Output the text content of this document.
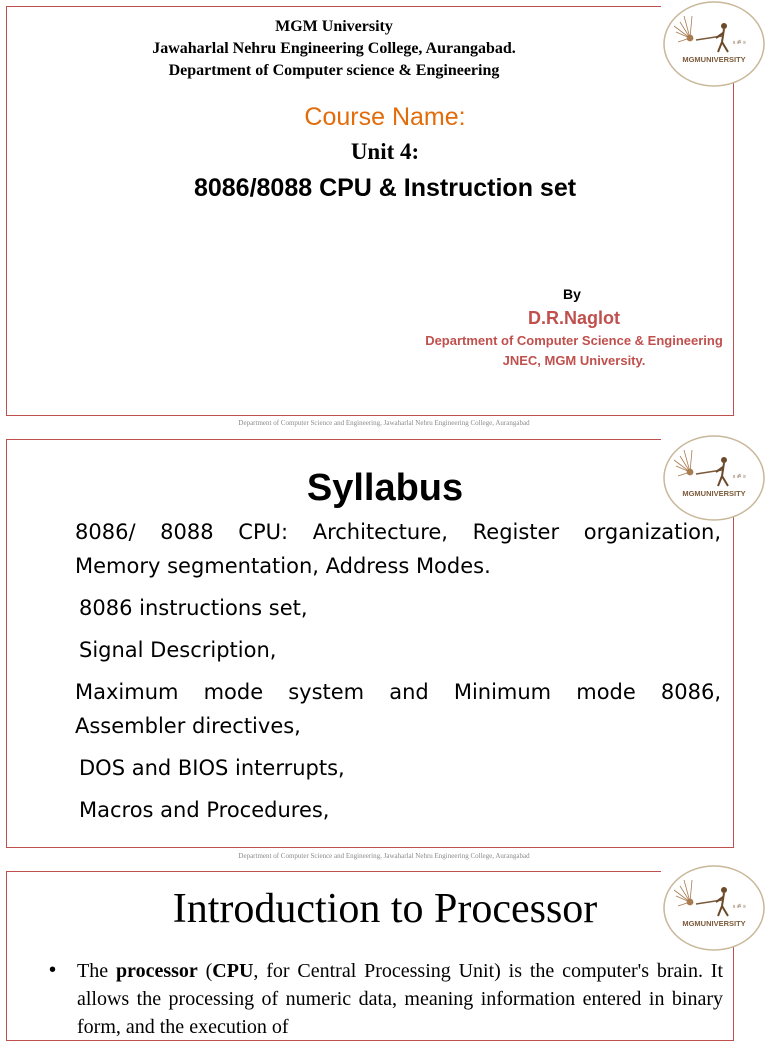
MGM University
Jawaharlal Nehru Engineering College, Aurangabad.
Department of Computer science & Engineering
Course Name:
Unit 4:
8086/8088 CPU & Instruction set
By
D.R.Naglot
Department of Computer Science & Engineering
JNEC, MGM University.
॥ ॐ ॥
MGMUNIVERSITY
Department of Computer Science and Engineering, Jawaharlal Nehru Engineering College, Aurangabad
Syllabus
8086/ 8088 CPU: Architecture, Register organization, Memory segmentation, Address Modes.
8086 instructions set,
Signal Description,
Maximum mode system and Minimum mode 8086, Assembler directives,
DOS and BIOS interrupts,
Macros and Procedures,
॥ ॐ ॥
MGMUNIVERSITY
Department of Computer Science and Engineering, Jawaharlal Nehru Engineering College, Aurangabad
Introduction to Processor
• The processor (CPU, for Central Processing Unit) is the computer's brain. It allows the processing of numeric data, meaning information entered in binary form, and the execution of
॥ ॐ ॥
MGMUNIVERSITY
